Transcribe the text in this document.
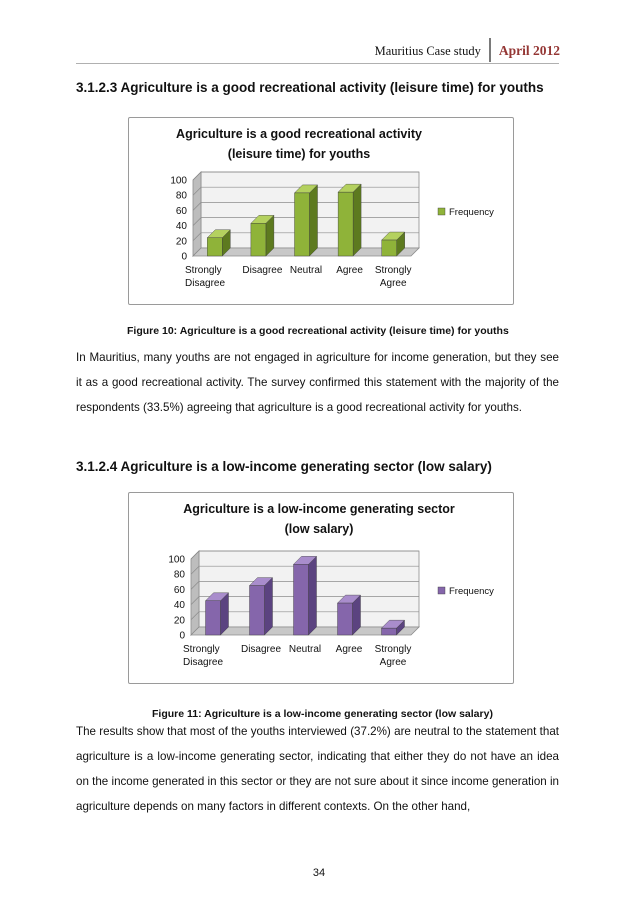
Mauritius Case study	April 2012
3.1.2.3 Agriculture is a good recreational activity (leisure time) for youths
Agriculture is a good recreational activity
(leisure time) for youths
0
20
40
60
80
100
Strongly
Disagree
Disagree Neutral Agree Strongly
Agree
Frequency
Figure 10: Agriculture is a good recreational activity (leisure time) for youths

In Mauritius, many youths are not engaged in agriculture for income generation, but they see it as a good recreational activity. The survey confirmed this statement with the majority of the respondents (33.5%) agreeing that agriculture is a good recreational activity for youths.

3.1.2.4 Agriculture is a low-income generating sector (low salary)
Agriculture is a low-income generating sector
(low salary)
0
20
40
60
80
100
Strongly
Disagree
Disagree Neutral Agree Strongly
Agree
Frequency
Figure 11: Agriculture is a low-income generating sector (low salary)

The results show that most of the youths interviewed (37.2%) are neutral to the statement that agriculture is a low-income generating sector, indicating that either they do not have an idea on the income generated in this sector or they are not sure about it since income generation in agriculture depends on many factors in different contexts. On the other hand,

34
